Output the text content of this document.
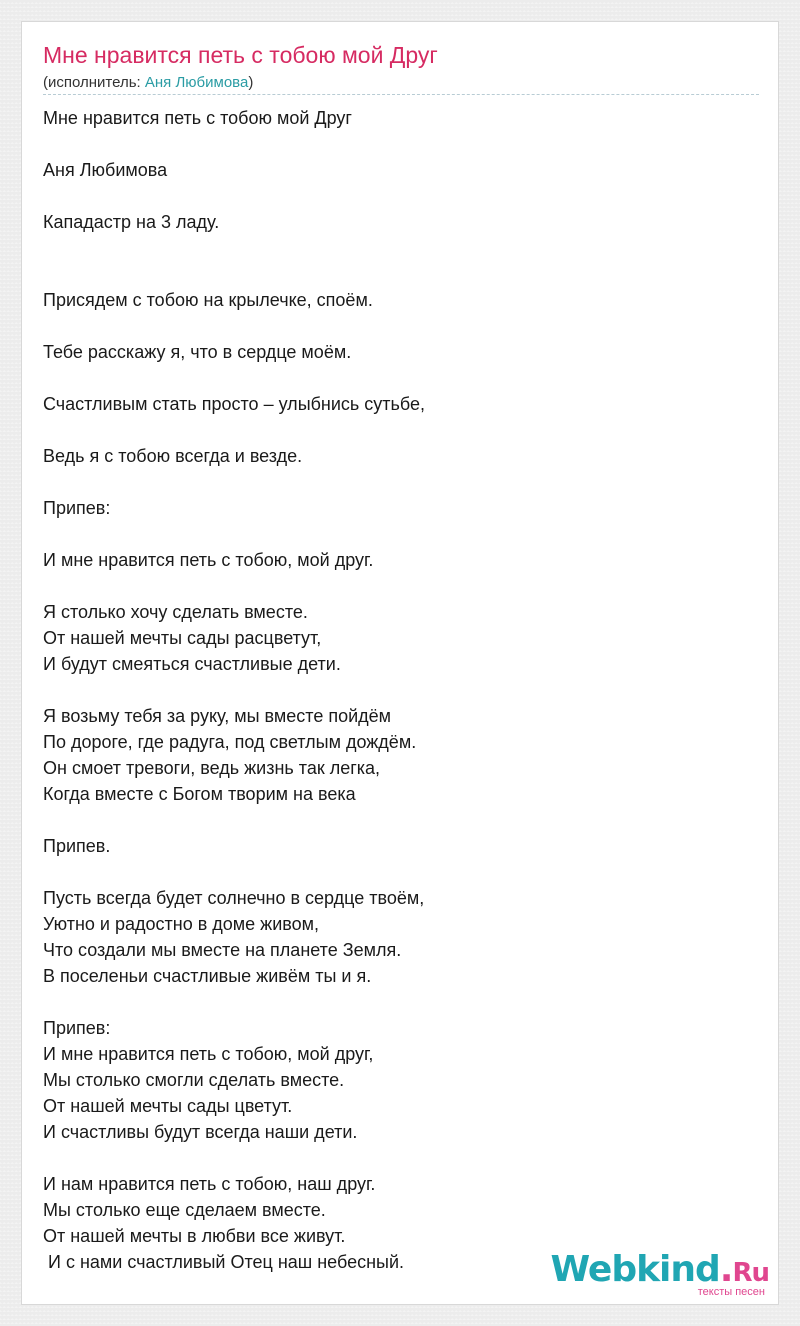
Мне нравится петь с тобою мой Друг
(исполнитель: Аня Любимова)
Мне нравится петь с тобою мой Друг

Аня Любимова

Кападастр на 3 ладу.

Присядем с тобою на крылечке, споём.

Тебе расскажу я, что в сердце моём.

Счастливым стать просто – улыбнись сутьбе,

Ведь я с тобою всегда и везде.

Припев:

И мне нравится петь с тобою, мой друг.

Я столько хочу сделать вместе.
От нашей мечты сады расцветут,
И будут смеяться счастливые дети.

Я возьму тебя за руку, мы вместе пойдём
По дороге, где радуга, под светлым дождём.
Он смоет тревоги, ведь жизнь так легка,
Когда вместе с Богом творим на века

Припев.

Пусть всегда будет солнечно в сердце твоём,
Уютно и радостно в доме живом,
Что создали мы вместе на планете Земля.
В поселеньи счастливые живём ты и я.

Припев:
И мне нравится петь с тобою, мой друг,
Мы столько смогли сделать вместе.
От нашей мечты сады цветут.
И счастливы будут всегда наши дети.

И нам нравится петь с тобою, наш друг.
Мы столько еще сделаем вместе.
От нашей мечты в любви все живут.
И с нами счастливый Отец наш небесный.	Webkind.Ru
тексты песен
